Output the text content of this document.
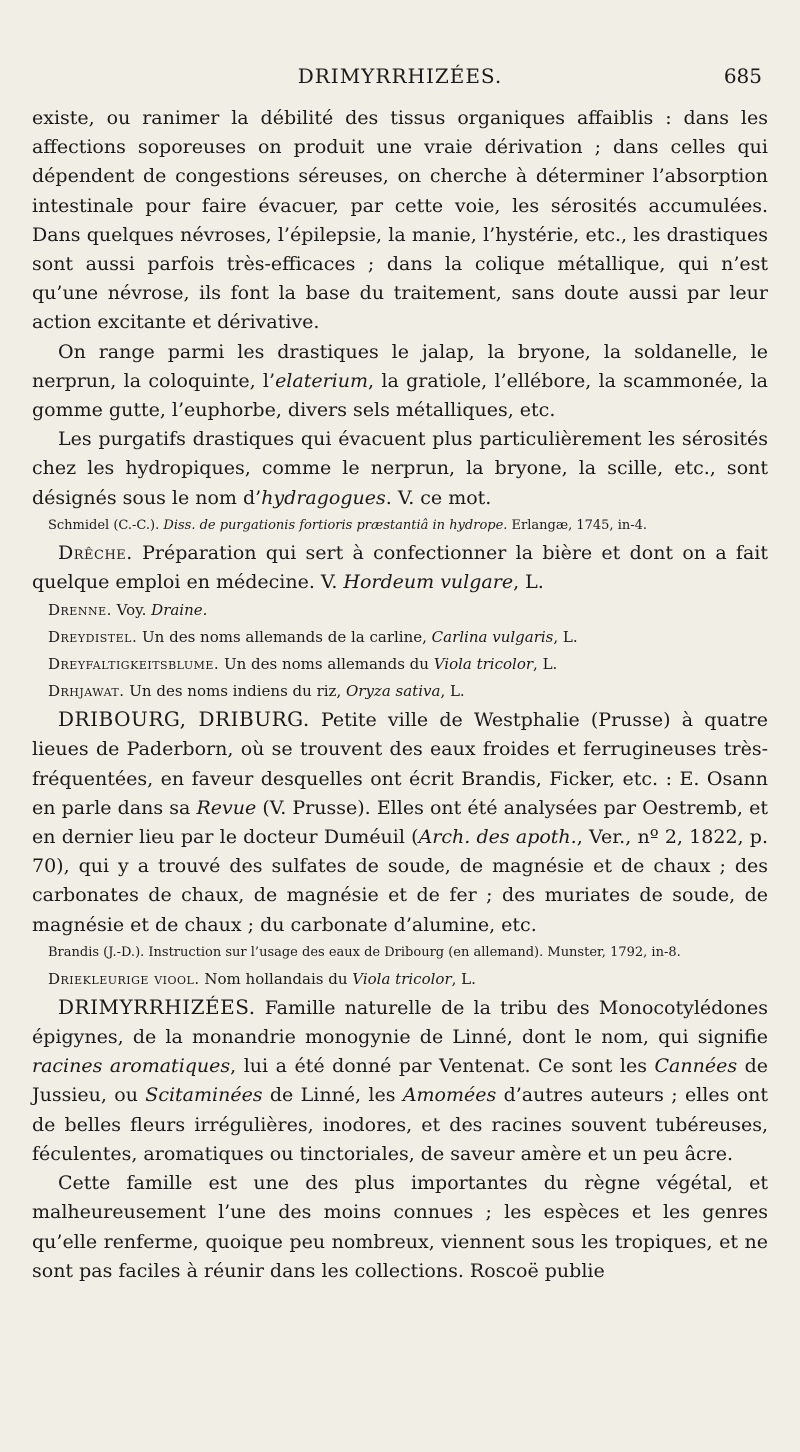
DRIMYRRHIZÉES.	685

existe, ou ranimer la débilité des tissus organiques affaiblis : dans les affections soporeuses on produit une vraie dérivation ; dans celles qui dépendent de congestions séreuses, on cherche à déterminer l’absorption intestinale pour faire évacuer, par cette voie, les sérosités accumulées. Dans quelques névroses, l’épilepsie, la manie, l’hystérie, etc., les drastiques sont aussi parfois très-efficaces ; dans la colique métallique, qui n’est qu’une névrose, ils font la base du traitement, sans doute aussi par leur action excitante et dérivative.

On range parmi les drastiques le jalap, la bryone, la soldanelle, le nerprun, la coloquinte, l’elaterium, la gratiole, l’ellébore, la scammonée, la gomme gutte, l’euphorbe, divers sels métalliques, etc.

Les purgatifs drastiques qui évacuent plus particulièrement les sérosités chez les hydropiques, comme le nerprun, la bryone, la scille, etc., sont désignés sous le nom d’hydragogues. V. ce mot.

Schmidel (C.-C.). Diss. de purgationis fortioris præstantiâ in hydrope. Erlangæ, 1745, in-4.

Drêche. Préparation qui sert à confectionner la bière et dont on a fait quelque emploi en médecine. V. Hordeum vulgare, L.

Drenne. Voy. Draine.

Dreydistel. Un des noms allemands de la carline, Carlina vulgaris, L.

Dreyfaltigkeitsblume. Un des noms allemands du Viola tricolor, L.

Drhjawat. Un des noms indiens du riz, Oryza sativa, L.

DRIBOURG, DRIBURG. Petite ville de Westphalie (Prusse) à quatre lieues de Paderborn, où se trouvent des eaux froides et ferrugineuses très-fréquentées, en faveur desquelles ont écrit Brandis, Ficker, etc. : E. Osann en parle dans sa Revue (V. Prusse). Elles ont été analysées par Oestremb, et en dernier lieu par le docteur Duméuil (Arch. des apoth., Ver., nº 2, 1822, p. 70), qui y a trouvé des sulfates de soude, de magnésie et de chaux ; des carbonates de chaux, de magnésie et de fer ; des muriates de soude, de magnésie et de chaux ; du carbonate d’alumine, etc.

Brandis (J.-D.). Instruction sur l’usage des eaux de Dribourg (en allemand). Munster, 1792, in-8.

Driekleurige viool. Nom hollandais du Viola tricolor, L.

DRIMYRRHIZÉES. Famille naturelle de la tribu des Monocotylédones épigynes, de la monandrie monogynie de Linné, dont le nom, qui signifie racines aromatiques, lui a été donné par Ventenat. Ce sont les Cannées de Jussieu, ou Scitaminées de Linné, les Amomées d’autres auteurs ; elles ont de belles fleurs irrégulières, inodores, et des racines souvent tubéreuses, féculentes, aromatiques ou tinctoriales, de saveur amère et un peu âcre.

Cette famille est une des plus importantes du règne végétal, et malheureusement l’une des moins connues ; les espèces et les genres qu’elle renferme, quoique peu nombreux, viennent sous les tropiques, et ne sont pas faciles à réunir dans les collections. Roscoë publie
